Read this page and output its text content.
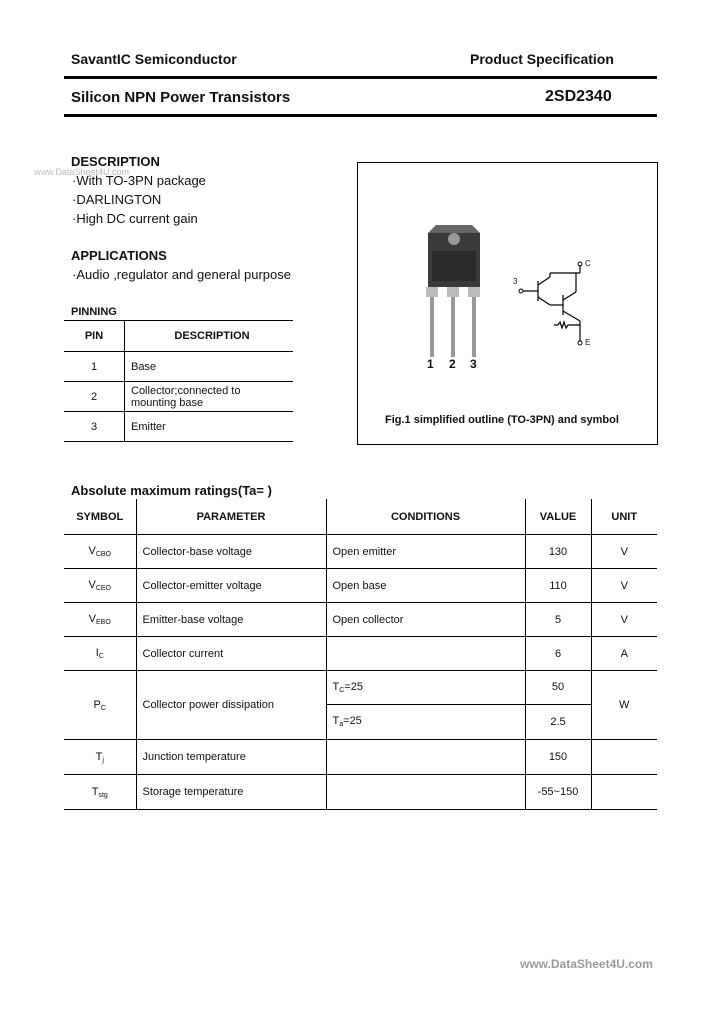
SavantIC Semiconductor	Product Specification
Silicon NPN Power Transistors	2SD2340
www.DataSheet4U.com
DESCRIPTION
·With TO-3PN package
·DARLINGTON
·High DC current gain
APPLICATIONS
·Audio ,regulator and general purpose
PINNING
PIN	DESCRIPTION
1	Base
2	Collector;connected to mounting base
3	Emitter
1 2 3
3
C
E
Fig.1 simplified outline (TO-3PN) and symbol
Absolute maximum ratings(Ta= )
SYMBOL	PARAMETER	CONDITIONS	VALUE	UNIT
$V_{CBO}$	Collector-base voltage	Open emitter	130	V
$V_{CEO}$	Collector-emitter voltage	Open base	110	V
$V_{EBO}$	Emitter-base voltage	Open collector	5	V
$I_C$	Collector current		6	A
$P_C$	Collector power dissipation	$T_C=25$	50	W
		$T_a=25$	2.5	
$T_j$	Junction temperature		150	
$T_{stg}$	Storage temperature		-55~150	
www.DataSheet4U.com
